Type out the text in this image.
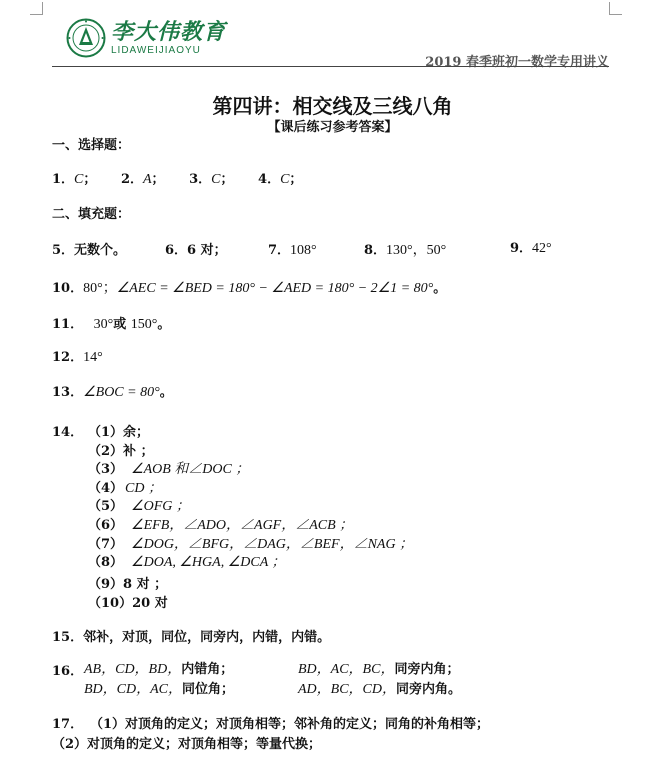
李大伟教育
LIDAWEIJIAOYU
2019 春季班初一数学专用讲义
第四讲：相交线及三线八角
【课后练习参考答案】
一、选择题：
1．C； 2．A； 3．C； 4．C；
二、填充题：
5．无数个。	6．6 对；	7．108°	8．130°，50°	9．42°
10．80°；∠AEC = ∠BED = 180° − ∠AED = 180° − 2∠1 = 80°。
11． 30°或 150°。
12．14°
13．∠BOC = 80°。
14． （1）余；
（2）补 ；
（3） ∠AOB 和∠DOC ；
（4） CD ；
（5） ∠OFG ；
（6） ∠EFB，∠ADO，∠AGF，∠ACB ；
（7） ∠DOG，∠BFG，∠DAG，∠BEF，∠NAG ；
（8） ∠DOA, ∠HGA, ∠DCA ；
（9）8 对 ；
（10）20 对
15．邻补，对顶，同位，同旁内，内错，内错。
16． AB，CD，BD，内错角；	BD，AC，BC，同旁内角；
BD，CD，AC，同位角；	AD，BC，CD，同旁内角。
17． （1）对顶角的定义；对顶角相等；邻补角的定义；同角的补角相等；
（2）对顶角的定义；对顶角相等；等量代换；
